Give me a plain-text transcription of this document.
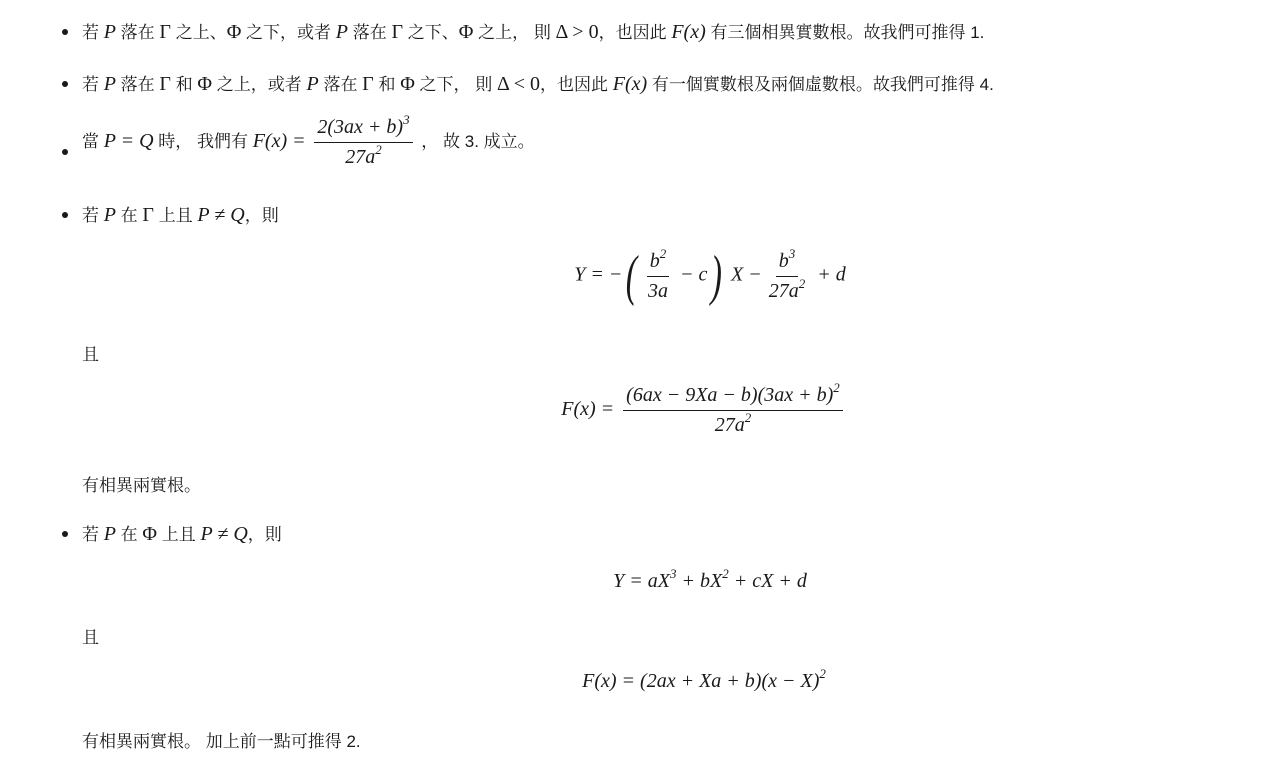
若 P 落在 Γ 之上、Φ 之下，或者 P 落在 Γ 之下、Φ 之上， 則 Δ > 0，也因此 F(x) 有三個相異實數根。故我們可推得 1.
若 P 落在 Γ 和 Φ 之上，或者 P 落在 Γ 和 Φ 之下， 則 Δ < 0，也因此 F(x) 有一個實數根及兩個虛數根。故我們可推得 4.
當 P = Q 時， 我們有 $F(x) = \frac{2(3ax + b)^3}{27a^2}$ ， 故 3. 成立。
若 P 在 Γ 上且 P ≠ Q，則
Y = −( $\frac{b^2}{3a} - c$) $X - \frac{b^3}{27a^2} + d$
且
$F(x) = \frac{(6ax - 9Xa - b)(3ax + b)^2}{27a^2}$
有相異兩實根。
若 P 在 Φ 上且 P ≠ Q，則
$Y = aX^3 + bX^2$ + cX + d
且
$F(x) = (2ax + Xa + b)(x - X)^2$
有相異兩實根。 加上前一點可推得 2.
